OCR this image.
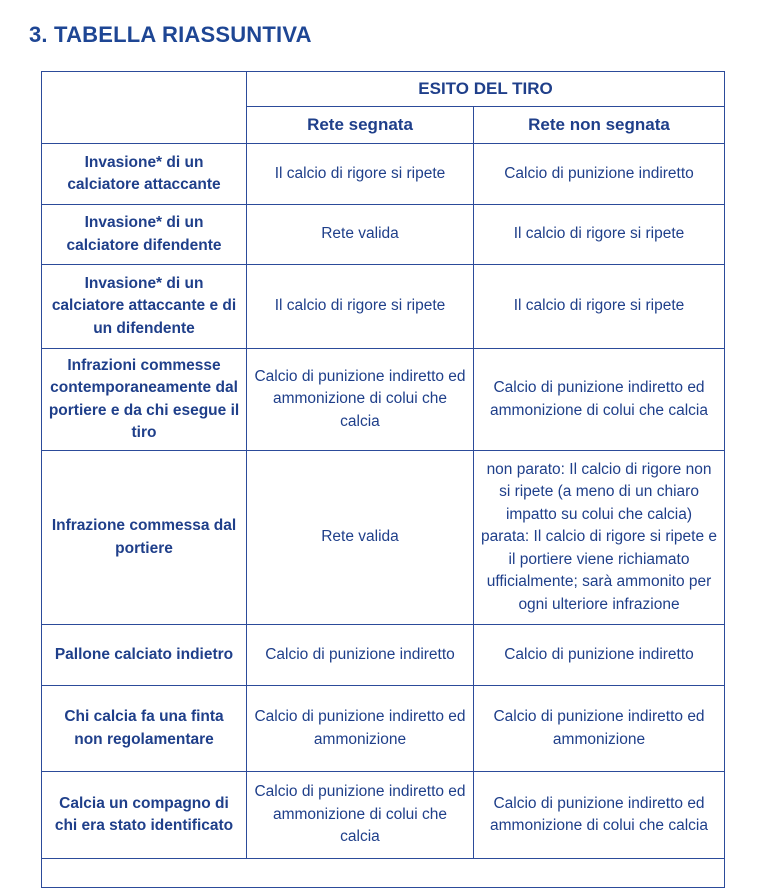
3. TABELLA RIASSUNTIVA
	ESITO DEL TIRO	
	Rete segnata	Rete non segnata
Invasione* di un calciatore attaccante	Il calcio di rigore si ripete	Calcio di punizione indiretto
Invasione* di un calciatore difendente	Rete valida	Il calcio di rigore si ripete
Invasione* di un calciatore attaccante e di un difendente	Il calcio di rigore si ripete	Il calcio di rigore si ripete
Infrazioni commesse contemporaneamente dal portiere e da chi esegue il tiro	Calcio di punizione indiretto ed ammonizione di colui che calcia	Calcio di punizione indiretto ed ammonizione di colui che calcia
Infrazione commessa dal portiere	Rete valida	non parato: Il calcio di rigore non si ripete (a meno di un chiaro impatto su colui che calcia) parata: Il calcio di rigore si ripete e il portiere viene richiamato ufficialmente; sarà ammonito per ogni ulteriore infrazione
Pallone calciato indietro	Calcio di punizione indiretto	Calcio di punizione indiretto
Chi calcia fa una finta non regolamentare	Calcio di punizione indiretto ed ammonizione	Calcio di punizione indiretto ed ammonizione
Calcia un compagno di chi era stato identificato	Calcio di punizione indiretto ed ammonizione di colui che calcia	Calcio di punizione indiretto ed ammonizione di colui che calcia
